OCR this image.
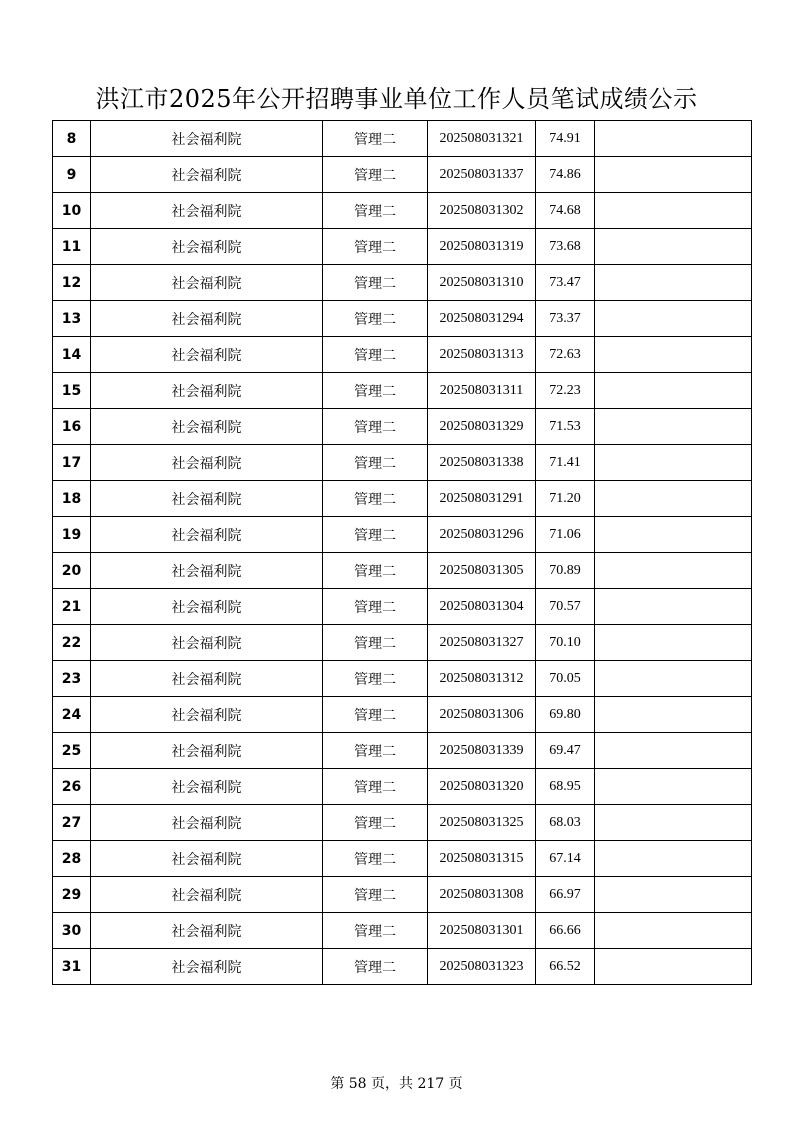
洪江市2025年公开招聘事业单位工作人员笔试成绩公示
8	社会福利院	管理二	202508031321	74.91	
9	社会福利院	管理二	202508031337	74.86	
10	社会福利院	管理二	202508031302	74.68	
11	社会福利院	管理二	202508031319	73.68	
12	社会福利院	管理二	202508031310	73.47	
13	社会福利院	管理二	202508031294	73.37	
14	社会福利院	管理二	202508031313	72.63	
15	社会福利院	管理二	202508031311	72.23	
16	社会福利院	管理二	202508031329	71.53	
17	社会福利院	管理二	202508031338	71.41	
18	社会福利院	管理二	202508031291	71.20	
19	社会福利院	管理二	202508031296	71.06	
20	社会福利院	管理二	202508031305	70.89	
21	社会福利院	管理二	202508031304	70.57	
22	社会福利院	管理二	202508031327	70.10	
23	社会福利院	管理二	202508031312	70.05	
24	社会福利院	管理二	202508031306	69.80	
25	社会福利院	管理二	202508031339	69.47	
26	社会福利院	管理二	202508031320	68.95	
27	社会福利院	管理二	202508031325	68.03	
28	社会福利院	管理二	202508031315	67.14	
29	社会福利院	管理二	202508031308	66.97	
30	社会福利院	管理二	202508031301	66.66	
31	社会福利院	管理二	202508031323	66.52	
第 58 页，共 217 页
